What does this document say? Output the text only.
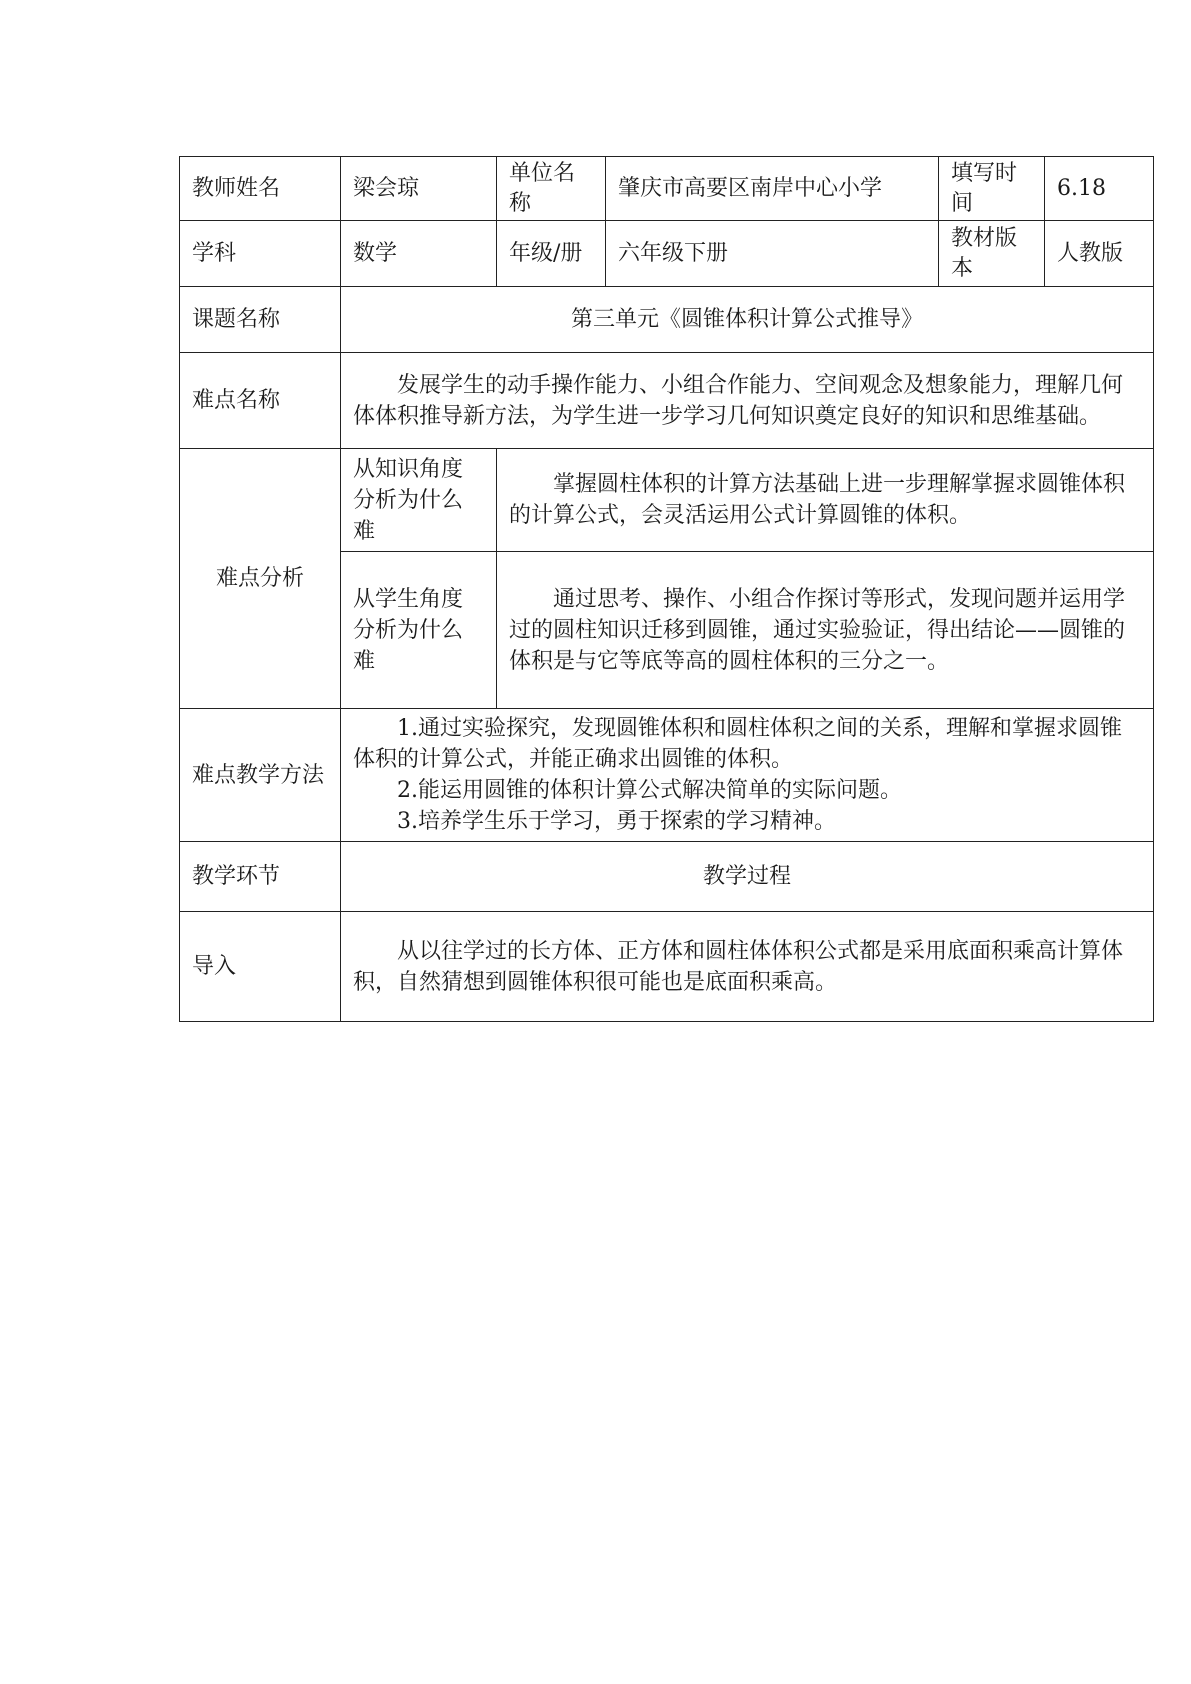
教师姓名	梁会琼	单位名称	肇庆市高要区南岸中心小学	填写时间	6.18
学科	数学	年级/册	六年级下册	教材版本	人教版
课题名称	第三单元《圆锥体积计算公式推导》				
难点名称	发展学生的动手操作能力、小组合作能力、空间观念及想象能力，理解几何体体积推导新方法，为学生进一步学习几何知识奠定良好的知识和思维基础。				
难点分析	从知识角度分析为什么难	掌握圆柱体积的计算方法基础上进一步理解掌握求圆锥体积的计算公式，会灵活运用公式计算圆锥的体积。			
	从学生角度分析为什么难	通过思考、操作、小组合作探讨等形式，发现问题并运用学过的圆柱知识迁移到圆锥，通过实验验证，得出结论——圆锥的体积是与它等底等高的圆柱体积的三分之一。			
难点教学方法	1.通过实验探究，发现圆锥体积和圆柱体积之间的关系，理解和掌握求圆锥体积的计算公式，并能正确求出圆锥的体积。

2.能运用圆锥的体积计算公式解决简单的实际问题。

3.培养学生乐于学习，勇于探索的学习精神。				

教学环节	教学过程				
导入	从以往学过的长方体、正方体和圆柱体体积公式都是采用底面积乘高计算体积，自然猜想到圆锥体积很可能也是底面积乘高。				
